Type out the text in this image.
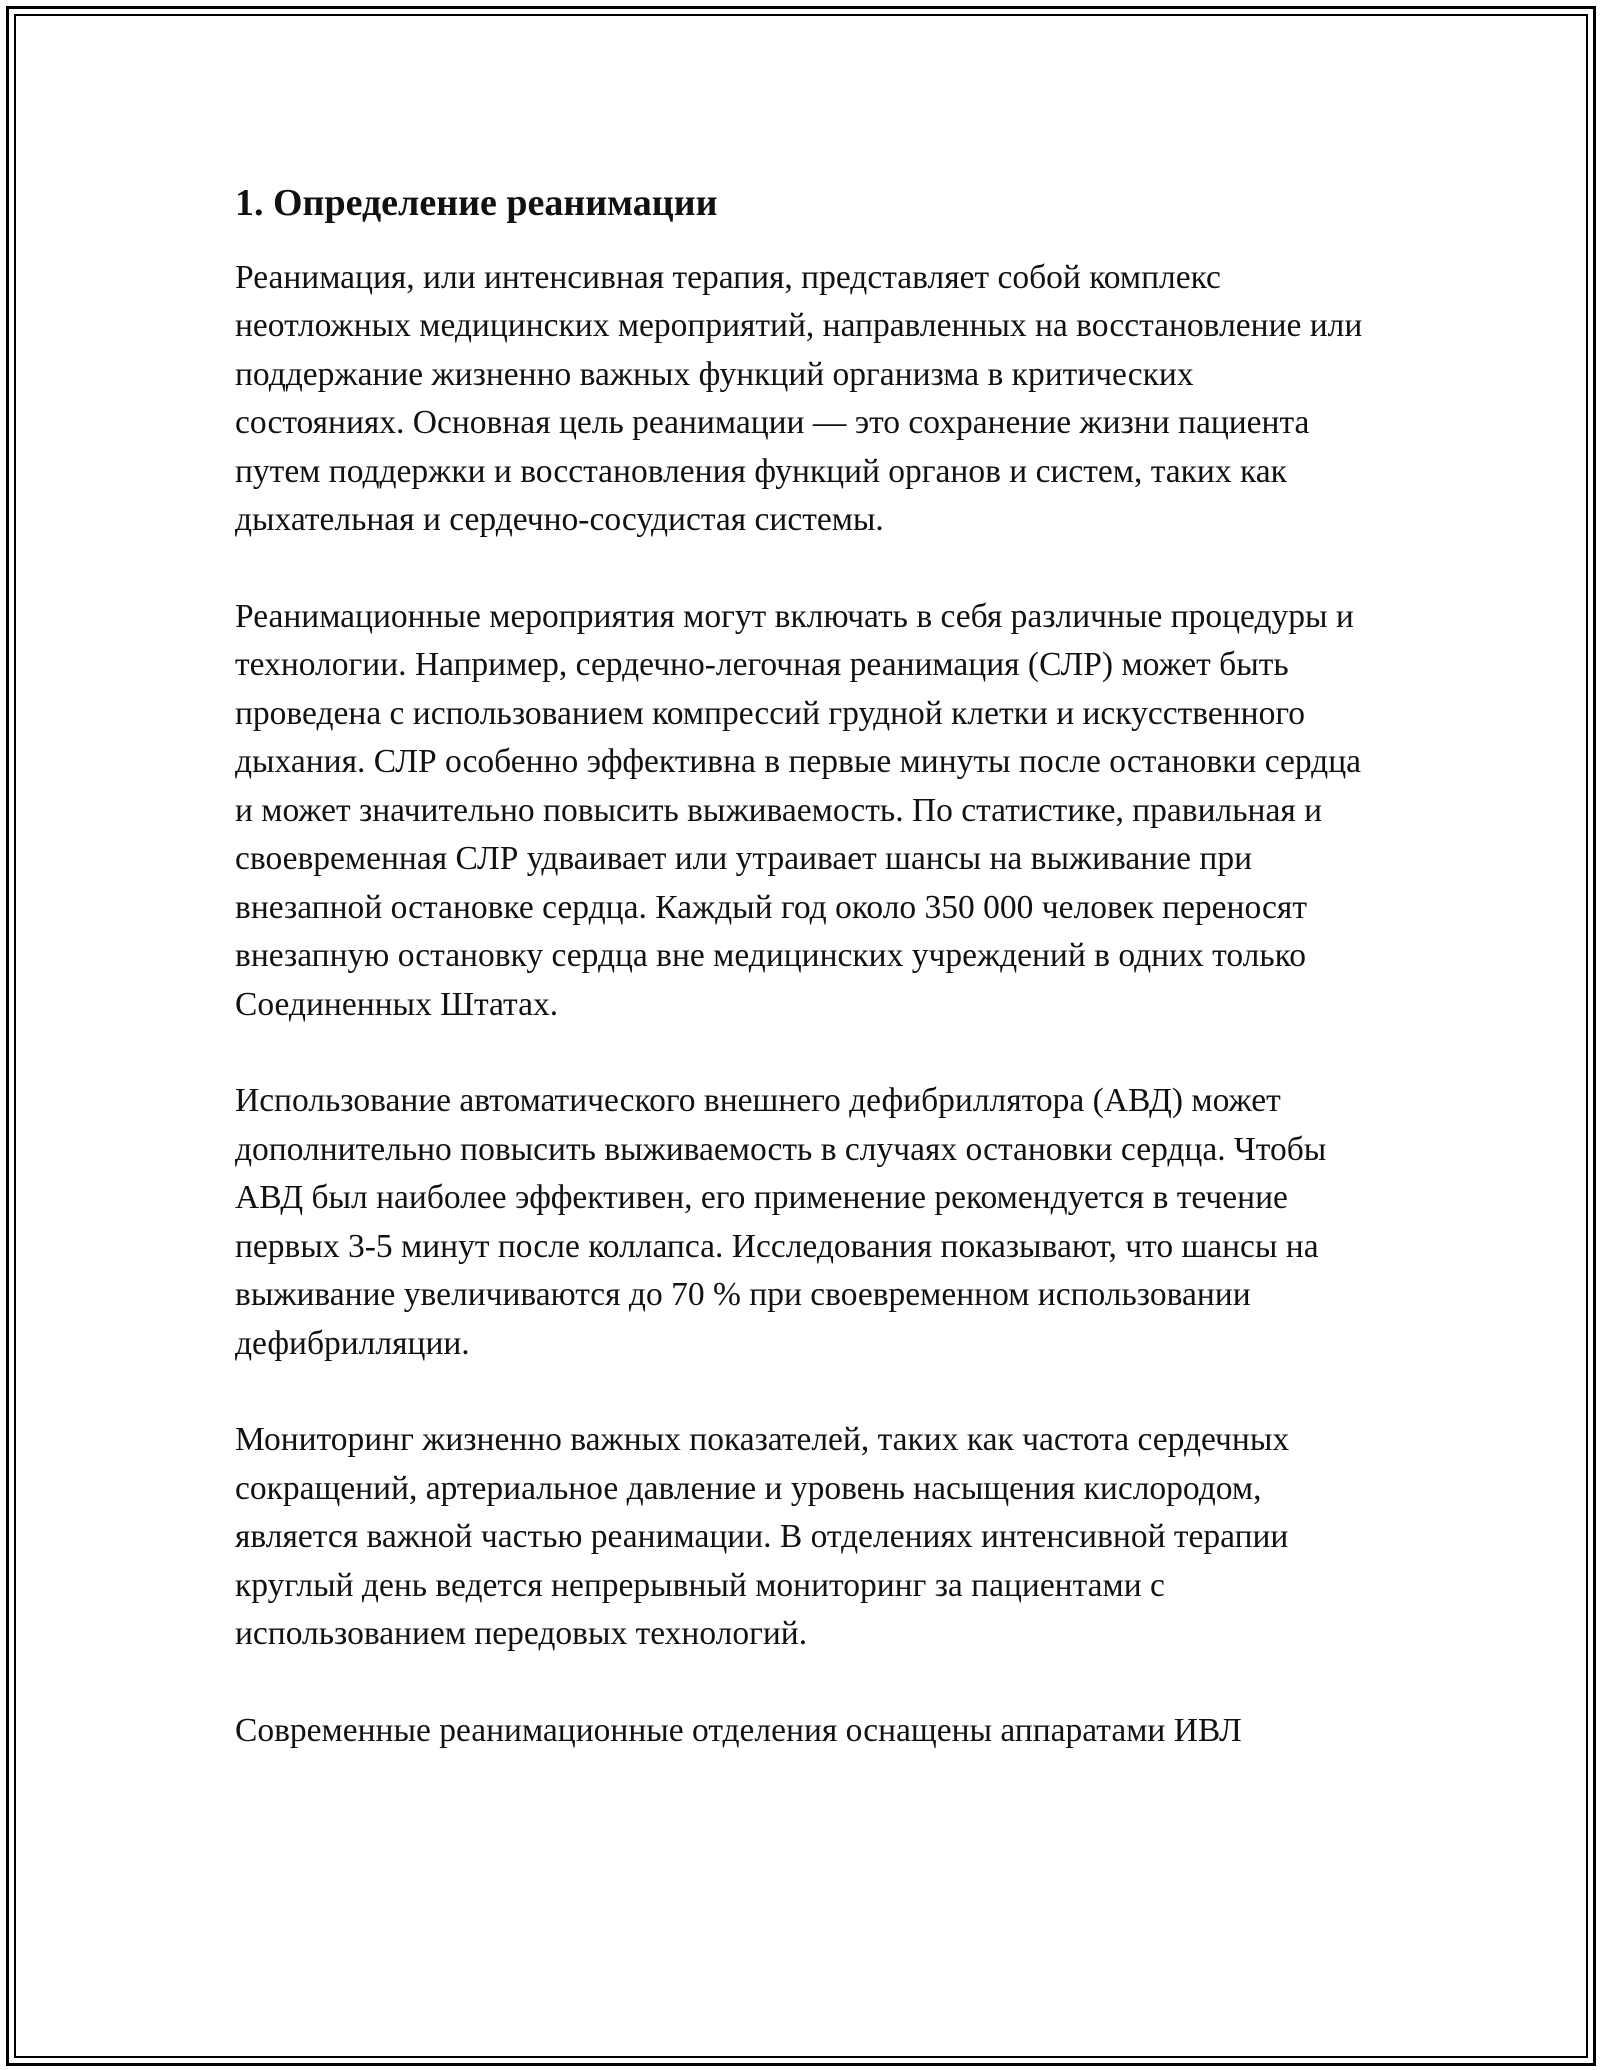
1. Определение реанимации

Реанимация, или интенсивная терапия, представляет собой комплекс неотложных медицинских мероприятий, направленных на восстановление или поддержание жизненно важных функций организма в критических состояниях. Основная цель реанимации — это сохранение жизни пациента путем поддержки и восстановления функций органов и систем, таких как дыхательная и сердечно-сосудистая системы.

Реанимационные мероприятия могут включать в себя различные процедуры и технологии. Например, сердечно-легочная реанимация (СЛР) может быть проведена с использованием компрессий грудной клетки и искусственного дыхания. СЛР особенно эффективна в первые минуты после остановки сердца и может значительно повысить выживаемость. По статистике, правильная и своевременная СЛР удваивает или утраивает шансы на выживание при внезапной остановке сердца. Каждый год около 350 000 человек переносят внезапную остановку сердца вне медицинских учреждений в одних только Соединенных Штатах.

Использование автоматического внешнего дефибриллятора (АВД) может дополнительно повысить выживаемость в случаях остановки сердца. Чтобы АВД был наиболее эффективен, его применение рекомендуется в течение первых 3-5 минут после коллапса. Исследования показывают, что шансы на выживание увеличиваются до 70 % при своевременном использовании дефибрилляции.

Мониторинг жизненно важных показателей, таких как частота сердечных сокращений, артериальное давление и уровень насыщения кислородом, является важной частью реанимации. В отделениях интенсивной терапии круглый день ведется непрерывный мониторинг за пациентами с использованием передовых технологий.

Современные реанимационные отделения оснащены аппаратами ИВЛ
